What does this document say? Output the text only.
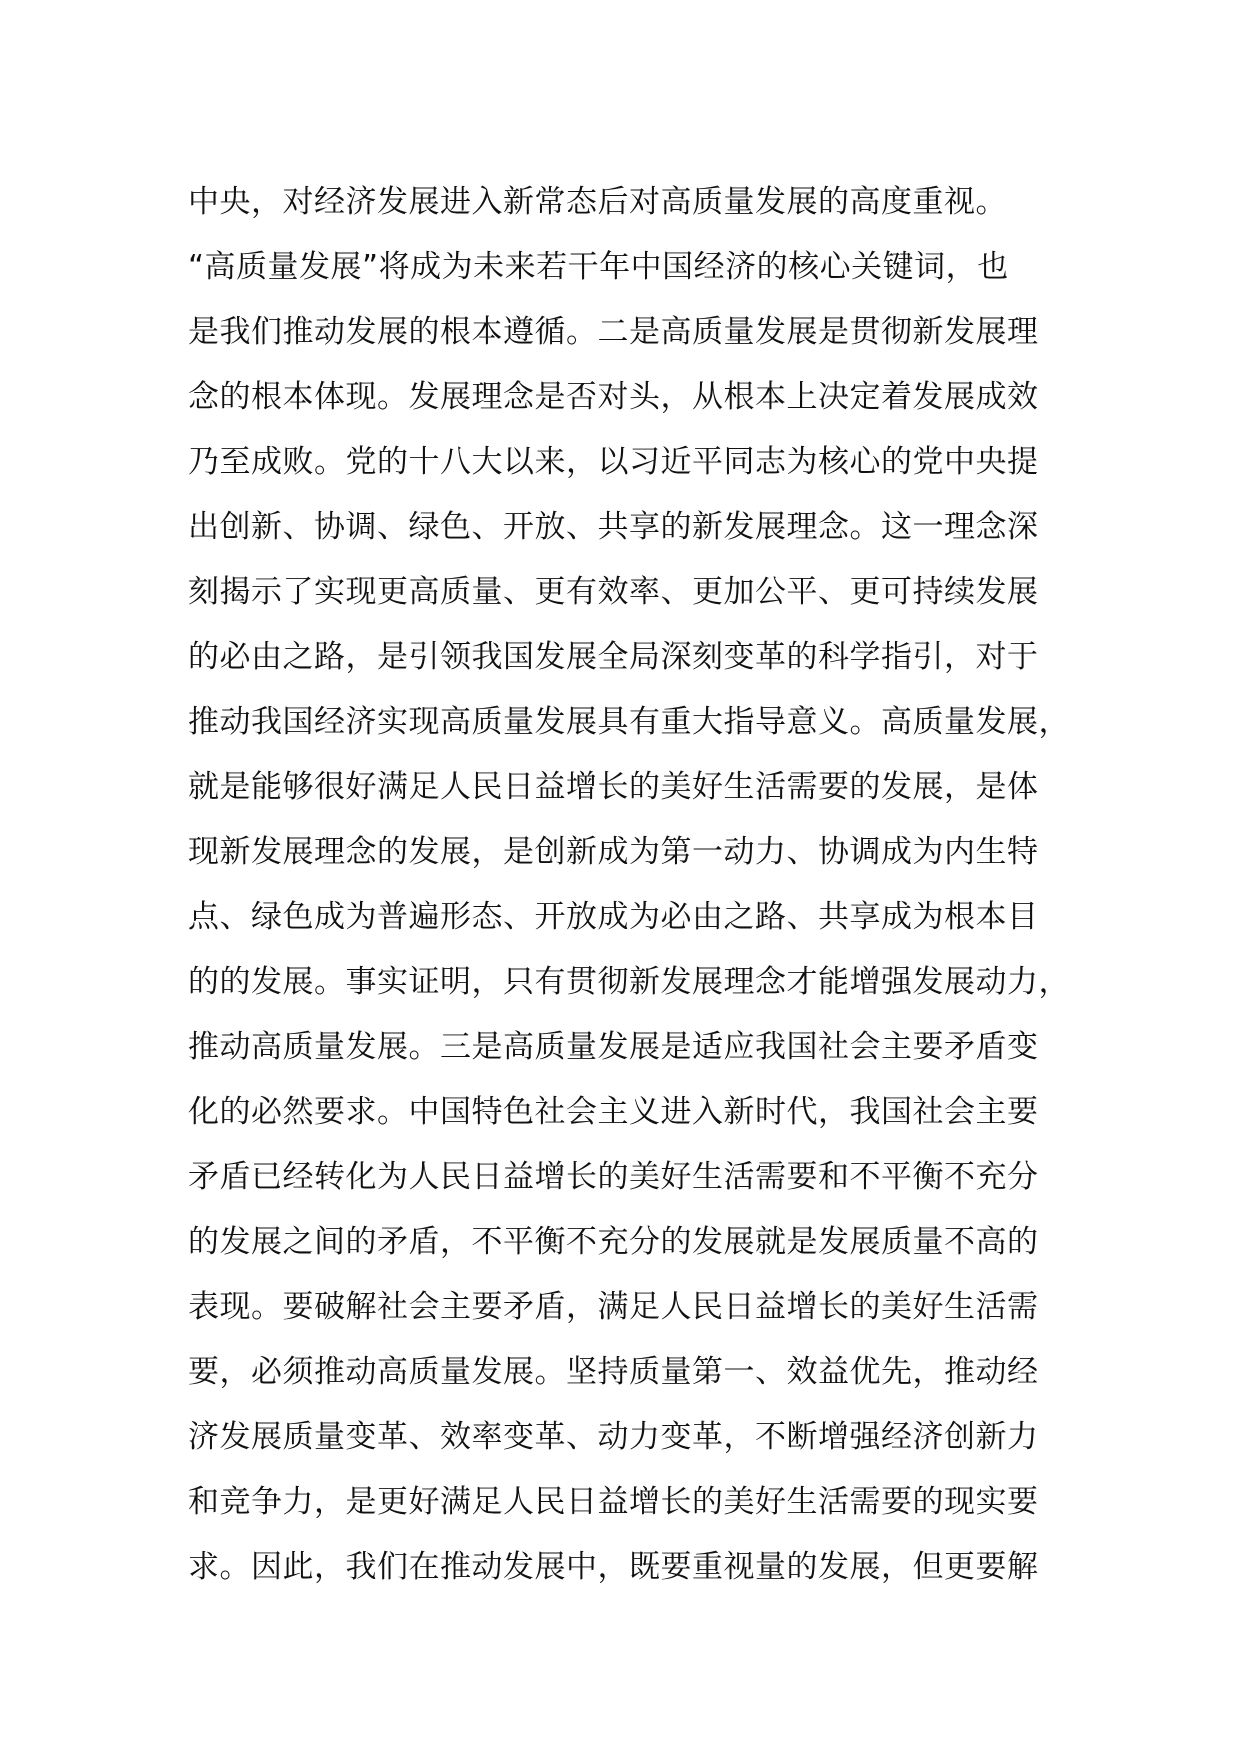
中央，对经济发展进入新常态后对高质量发展的高度重视。
“高质量发展”将成为未来若干年中国经济的核心关键词，也
是我们推动发展的根本遵循。二是高质量发展是贯彻新发展理
念的根本体现。发展理念是否对头，从根本上决定着发展成效
乃至成败。党的十八大以来，以习近平同志为核心的党中央提
出创新、协调、绿色、开放、共享的新发展理念。这一理念深
刻揭示了实现更高质量、更有效率、更加公平、更可持续发展
的必由之路，是引领我国发展全局深刻变革的科学指引，对于
推动我国经济实现高质量发展具有重大指导意义。高质量发展，
就是能够很好满足人民日益增长的美好生活需要的发展，是体
现新发展理念的发展，是创新成为第一动力、协调成为内生特
点、绿色成为普遍形态、开放成为必由之路、共享成为根本目
的的发展。事实证明，只有贯彻新发展理念才能增强发展动力，
推动高质量发展。三是高质量发展是适应我国社会主要矛盾变
化的必然要求。中国特色社会主义进入新时代，我国社会主要
矛盾已经转化为人民日益增长的美好生活需要和不平衡不充分
的发展之间的矛盾，不平衡不充分的发展就是发展质量不高的
表现。要破解社会主要矛盾，满足人民日益增长的美好生活需
要，必须推动高质量发展。坚持质量第一、效益优先，推动经
济发展质量变革、效率变革、动力变革，不断增强经济创新力
和竞争力，是更好满足人民日益增长的美好生活需要的现实要
求。因此，我们在推动发展中，既要重视量的发展，但更要解
